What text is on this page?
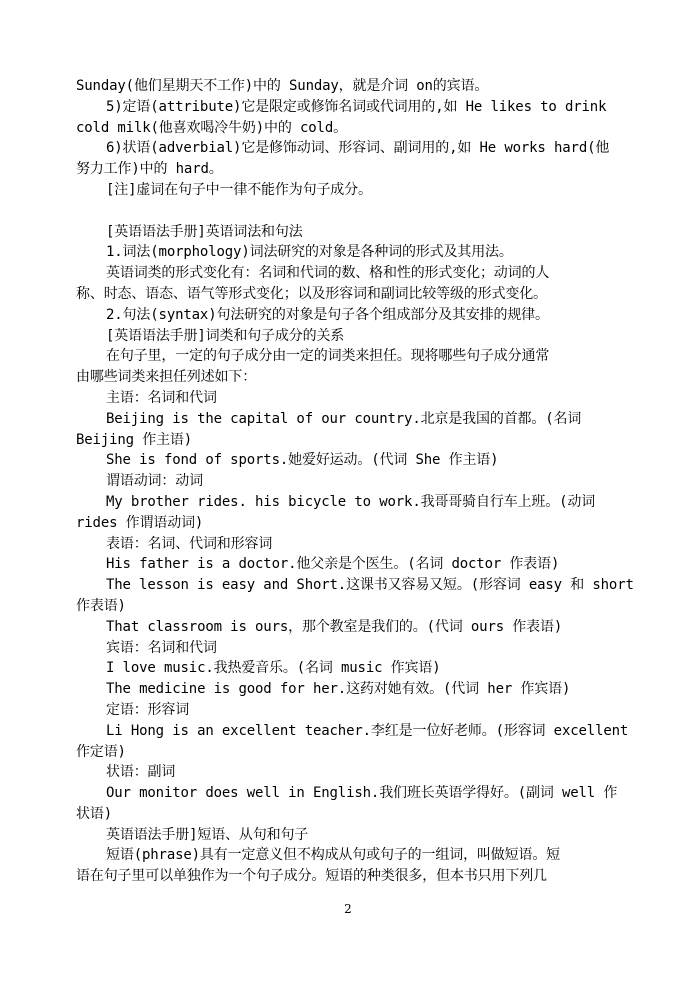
Sunday(他们星期天不工作)中的 Sunday，就是介词 on的宾语。
5)定语(attribute)它是限定或修饰名词或代词用的,如 He likes to drink
cold milk(他喜欢喝冷牛奶)中的 cold。
6)状语(adverbial)它是修饰动词、形容词、副词用的,如 He works hard(他
努力工作)中的 hard。
[注]虚词在句子中一律不能作为句子成分。
[英语语法手册]英语词法和句法
1.词法(morphology)词法研究的对象是各种词的形式及其用法。
英语词类的形式变化有：名词和代词的数、格和性的形式变化；动词的人
称、时态、语态、语气等形式变化；以及形容词和副词比较等级的形式变化。
2.句法(syntax)句法研究的对象是句子各个组成部分及其安排的规律。
[英语语法手册]词类和句子成分的关系
在句子里，一定的句子成分由一定的词类来担任。现将哪些句子成分通常
由哪些词类来担任列述如下：
主语：名词和代词
Beijing is the capital of our country.北京是我国的首都。(名词
Beijing 作主语)
She is fond of sports.她爱好运动。(代词 She 作主语)
谓语动词：动词
My brother rides. his bicycle to work.我哥哥骑自行车上班。(动词
rides 作谓语动词)
表语：名词、代词和形容词
His father is a doctor.他父亲是个医生。(名词 doctor 作表语)
The lesson is easy and Short.这课书又容易又短。(形容词 easy 和 short
作表语)
That classroom is ours，那个教室是我们的。(代词 ours 作表语)
宾语：名词和代词
I love music.我热爱音乐。(名词 music 作宾语)
The medicine is good for her.这药对她有效。(代词 her 作宾语)
定语：形容词
Li Hong is an excellent teacher.李红是一位好老师。(形容词 excellent
作定语)
状语：副词
Our monitor does well in English.我们班长英语学得好。(副词 well 作
状语)
英语语法手册]短语、从句和句子
短语(phrase)具有一定意义但不构成从句或句子的一组词，叫做短语。短
语在句子里可以单独作为一个句子成分。短语的种类很多，但本书只用下列几
2
